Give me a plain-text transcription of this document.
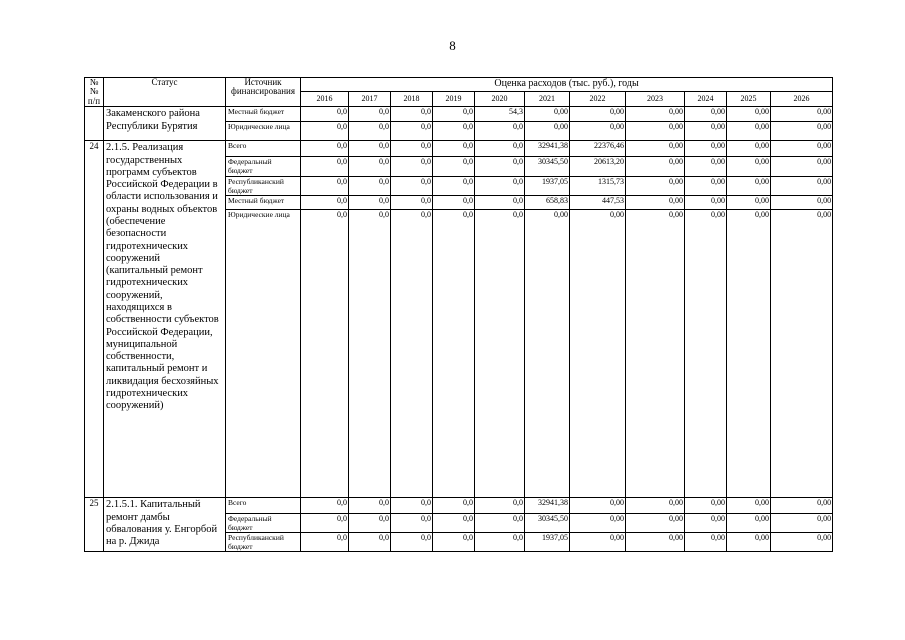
8
№
№
п/п	Статус	Источник финансирования	Оценка расходов (тыс. руб.), годы										
			2016	2017	2018	2019	2020	2021	2022	2023	2024	2025	2026
	Закаменского района Республики Бурятия	Местный бюджет	0,0	0,0	0,0	0,0	54,3	0,00	0,00	0,00	0,00	0,00	0,00
		Юридические лица	0,0	0,0	0,0	0,0	0,0	0,00	0,00	0,00	0,00	0,00	0,00
24	2.1.5. Реализация государственных программ субъектов Российской Федерации в области использования и охраны водных объектов (обеспечение безопасности гидротехнических сооружений (капитальный ремонт гидротехнических сооружений, находящихся в собственности субъектов Российской Федерации, муниципальной собственности, капитальный ремонт и ликвидация бесхозяйных гидротехнических сооружений)	Всего	0,0	0,0	0,0	0,0	0,0	32941,38	22376,46	0,00	0,00	0,00	0,00
		Федеральный бюджет	0,0	0,0	0,0	0,0	0,0	30345,50	20613,20	0,00	0,00	0,00	0,00
		Республиканский бюджет	0,0	0,0	0,0	0,0	0,0	1937,05	1315,73	0,00	0,00	0,00	0,00
		Местный бюджет	0,0	0,0	0,0	0,0	0,0	658,83	447,53	0,00	0,00	0,00	0,00
		Юридические лица	0,0	0,0	0,0	0,0	0,0	0,00	0,00	0,00	0,00	0,00	0,00
25	2.1.5.1. Капитальный ремонт дамбы обвалования у. Енгорбой на р. Джида	Всего	0,0	0,0	0,0	0,0	0,0	32941,38	0,00	0,00	0,00	0,00	0,00
		Федеральный бюджет	0,0	0,0	0,0	0,0	0,0	30345,50	0,00	0,00	0,00	0,00	0,00
		Республиканский бюджет	0,0	0,0	0,0	0,0	0,0	1937,05	0,00	0,00	0,00	0,00	0,00
